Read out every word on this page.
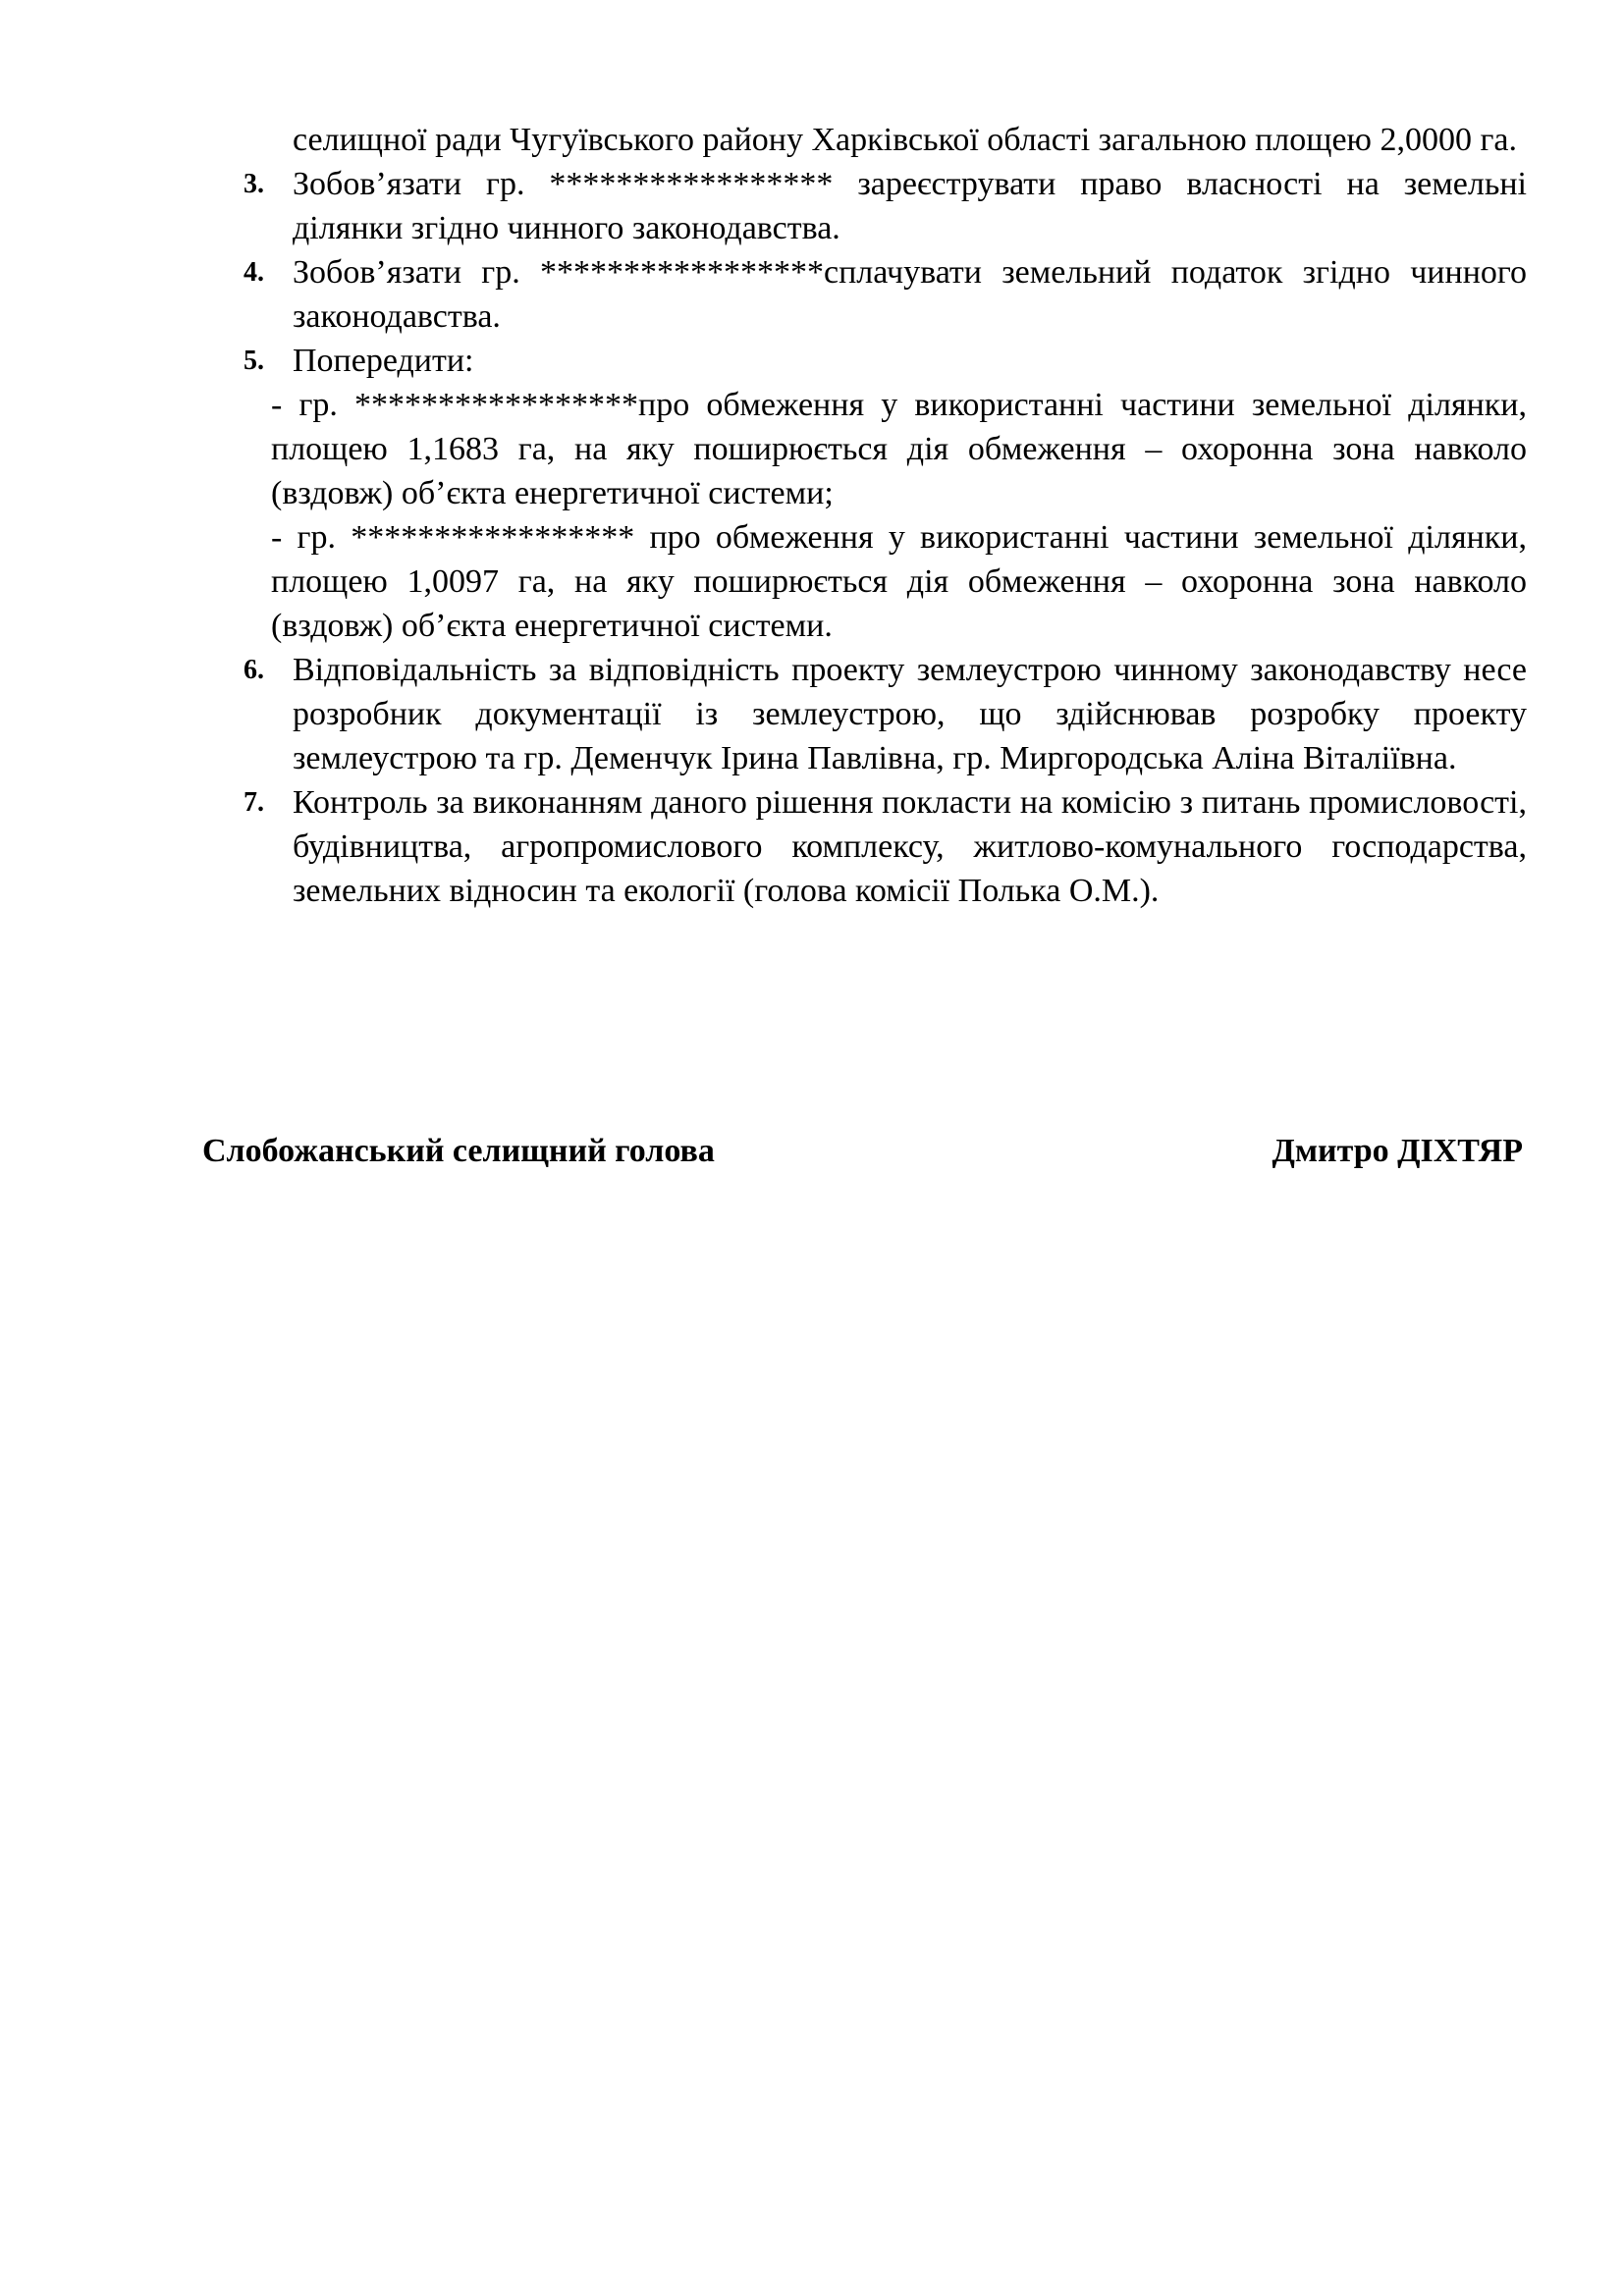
селищної ради Чугуївського району Харківської області загальною площею 2,0000 га.
3. Зобов’язати гр. ***************** зареєструвати право власності на земельні ділянки згідно чинного законодавства.
4. Зобов’язати гр. *****************сплачувати земельний податок згідно чинного законодавства.
5. Попередити:
- гр. *****************про обмеження у використанні частини земельної ділянки, площею 1,1683 га, на яку поширюється дія обмеження – охоронна зона навколо (вздовж) об’єкта енергетичної системи;
- гр. ***************** про обмеження у використанні частини земельної ділянки, площею 1,0097 га, на яку поширюється дія обмеження – охоронна зона навколо (вздовж) об’єкта енергетичної системи.
6. Відповідальність за відповідність проекту землеустрою чинному законодавству несе розробник документації із землеустрою, що здійснював розробку проекту землеустрою та гр. Деменчук Ірина Павлівна, гр. Миргородська Аліна Віталіївна.
7. Контроль за виконанням даного рішення покласти на комісію з питань промисловості, будівництва, агропромислового комплексу, житлово-комунального господарства, земельних відносин та екології (голова комісії Полька О.М.).
Слобожанський селищний голова	Дмитро ДІХТЯР
